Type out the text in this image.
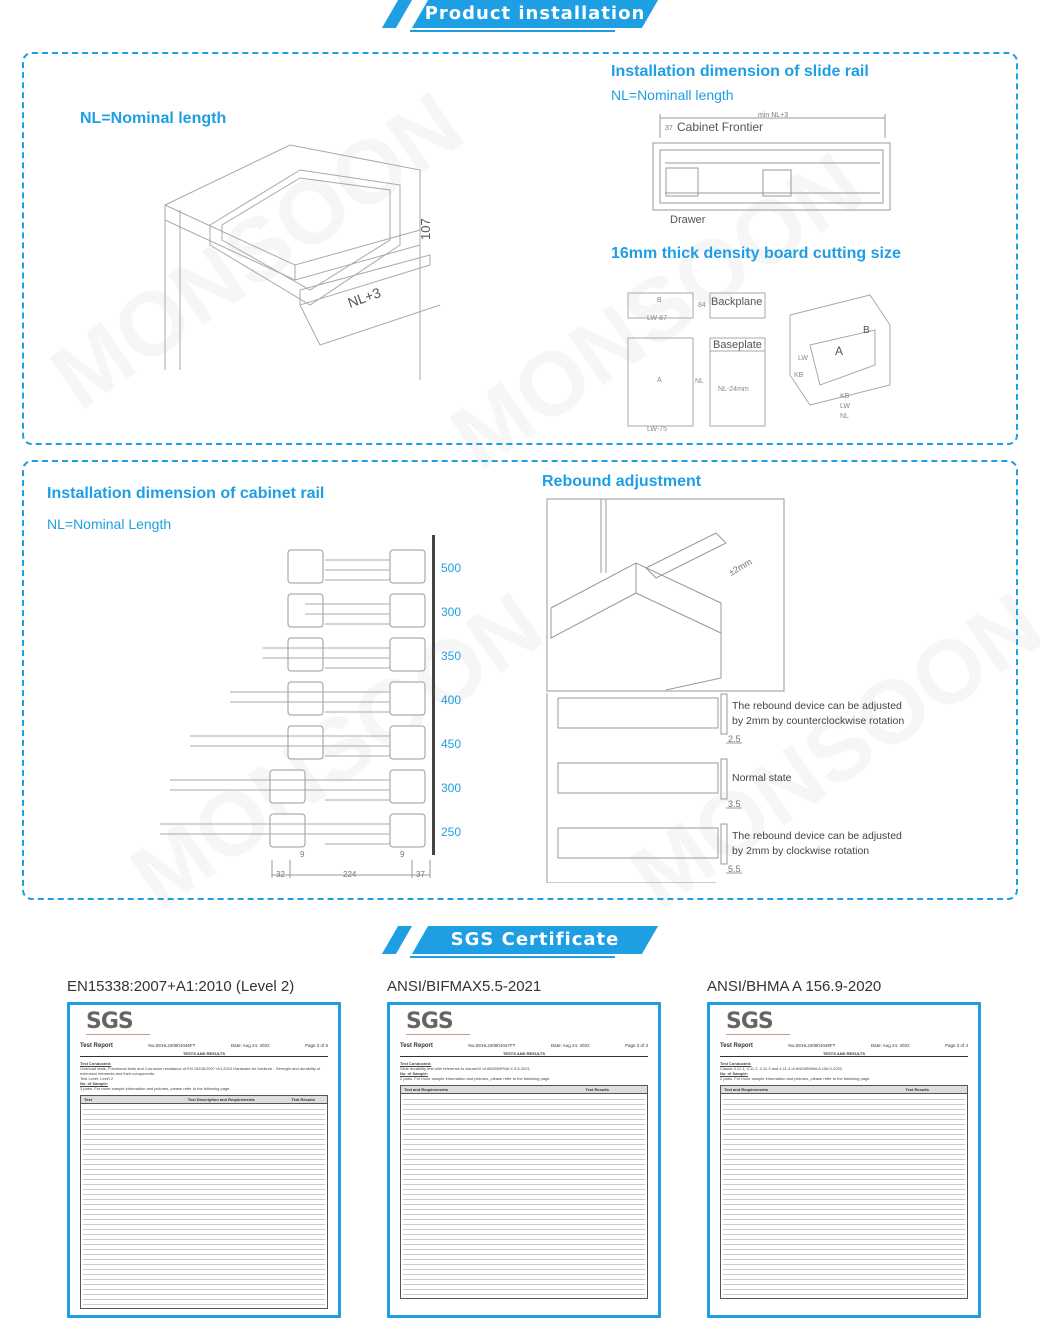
Product installation
NL=Nominal length
107
NL+3
Installation dimension of slide rail
NL=Nominall length
min NL+3
37 Cabinet Frontier
Drawer
16mm thick density board cutting size
B
84
LW-87
Backplane
A	NL
LW-75
Baseplate
NL-24mm
A
B
LW
KB
KB
LW
NL
Installation dimension of cabinet rail
NL=Nominal Length
500
300
350
400
450
300
250
9	9
32	224	37
Rebound adjustment
±2mm
2.5
The rebound device can be adjusted
by 2mm by counterclockwise rotation
3.5
Normal state
5.5
The rebound device can be adjusted
by 2mm by clockwise rotation
SGS Certificate
EN15338:2007+A1:2010 (Level 2)
SGS
Test Report	No.SDHL22080104​6FT	Date: Aug 24, 2022	Page 2 of 6
TESTS AND RESULTS
Test Conducted:
Overload tests, Functional tests and Corrosion resistance of EN 15338:2007+A1:2010 Hardware for furniture - Strength and durability of extension elements and their components.
Test Level: Level 2
No. of Sample:
3 pairs. For more sample information and pictures, please refer to the following page.
Test	Test Description and Requirements	Test Results
ANSI/BIFMAX5.5-2021
SGS
Test Report	No.SDHL220801​047FT	Date: Aug 24, 2022	Page 2 of 3
TESTS AND RESULTS
Test Conducted:
Slide durability test with reference to clause10 of ANSI/BIFMA X 5.5-2021.
No. of Sample:
2 pairs. For more sample information and pictures, please refer to the following page.
Test and Requirements	Test Results
ANSI/BHMA A 156.9-2020
SGS
Test Report	No.SDHL220801​048FT	Date: Aug 24, 2022	Page 2 of 4
TESTS AND RESULTS
Test Conducted:
Clause 4.11.1, 4.11.2, 4.11.3 and 4.11.4 of ANSI/BHMA A 156.9-2020
No. of Sample:
2 pairs. For more sample information and pictures, please refer to the following page.
Test and Requirements	Test Results
